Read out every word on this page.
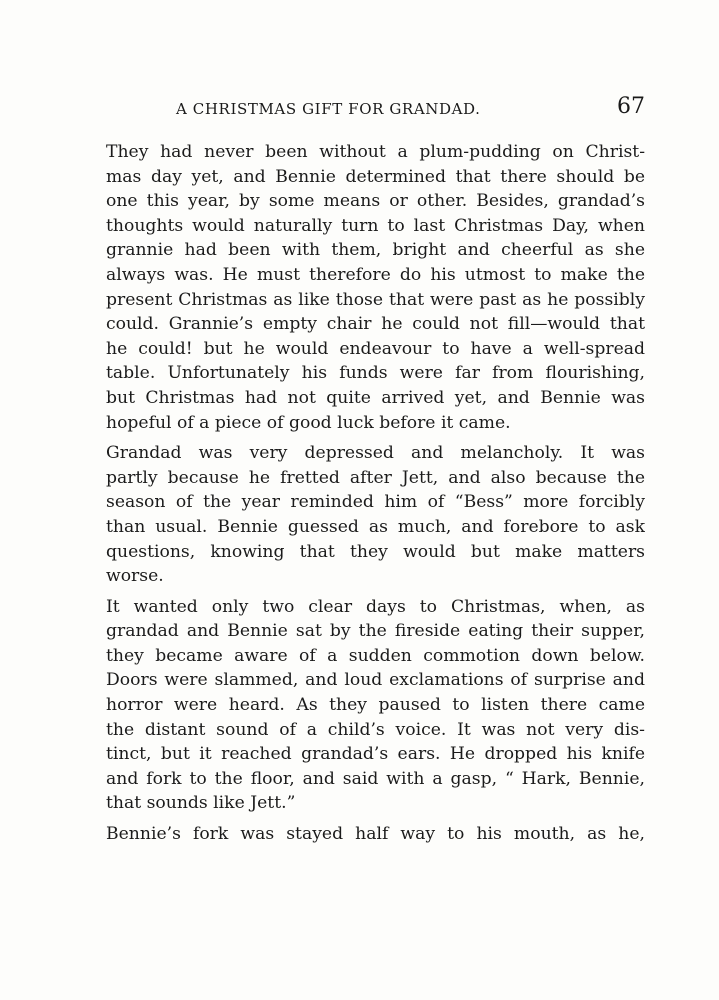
A CHRISTMAS GIFT FOR GRANDAD.	67
They had never been without a plum-pudding on Christ-
mas day yet, and Bennie determined that there should be
one this year, by some means or other. Besides, grandad’s
thoughts would naturally turn to last Christmas Day, when
grannie had been with them, bright and cheerful as she
always was. He must therefore do his utmost to make the
present Christmas as like those that were past as he possibly
could. Grannie’s empty chair he could not fill—would that
he could! but he would endeavour to have a well-spread
table. Unfortunately his funds were far from flourishing,
but Christmas had not quite arrived yet, and Bennie was
hopeful of a piece of good luck before it came.
Grandad was very depressed and melancholy. It was
partly because he fretted after Jett, and also because the
season of the year reminded him of “Bess” more forcibly
than usual. Bennie guessed as much, and forebore to ask
questions, knowing that they would but make matters
worse.
It wanted only two clear days to Christmas, when, as
grandad and Bennie sat by the fireside eating their supper,
they became aware of a sudden commotion down below.
Doors were slammed, and loud exclamations of surprise and
horror were heard. As they paused to listen there came
the distant sound of a child’s voice. It was not very dis-
tinct, but it reached grandad’s ears. He dropped his knife
and fork to the floor, and said with a gasp, “ Hark, Bennie,
that sounds like Jett.”
Bennie’s fork was stayed half way to his mouth, as he,
